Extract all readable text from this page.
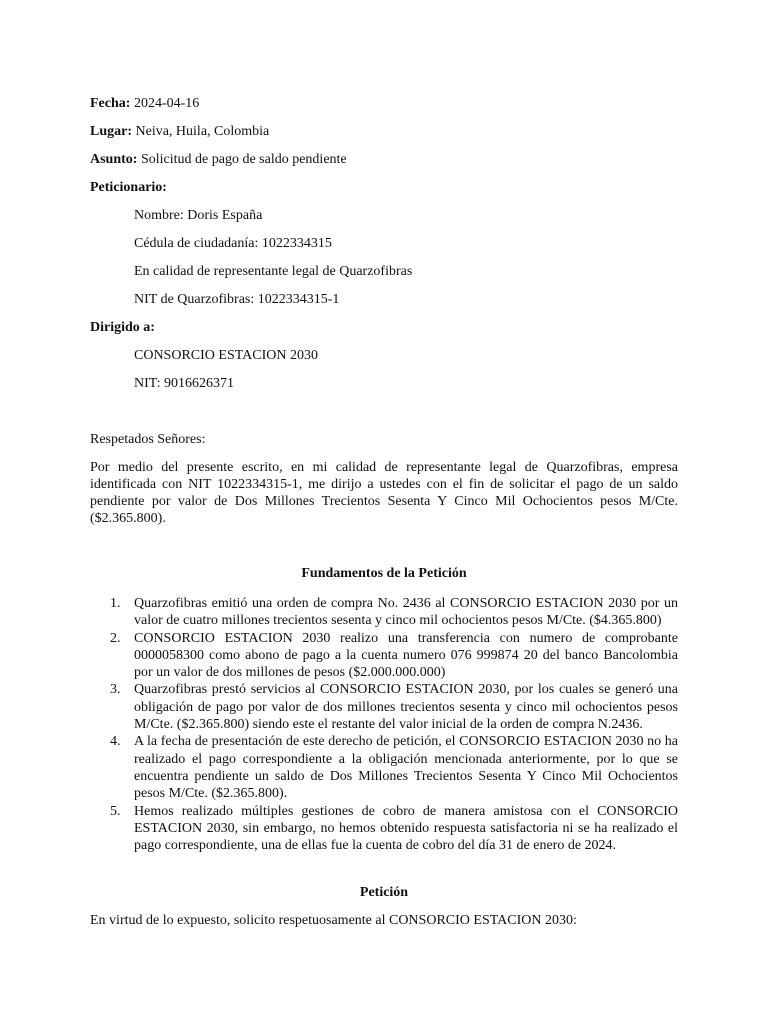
Fecha: 2024-04-16
Lugar: Neiva, Huila, Colombia
Asunto: Solicitud de pago de saldo pendiente
Peticionario:
Nombre: Doris España
Cédula de ciudadanía: 1022334315
En calidad de representante legal de Quarzofibras
NIT de Quarzofibras: 1022334315-1
Dirigido a:
CONSORCIO ESTACION 2030
NIT: 9016626371
Respetados Señores:

Por medio del presente escrito, en mi calidad de representante legal de Quarzofibras, empresa identificada con NIT 1022334315-1, me dirijo a ustedes con el fin de solicitar el pago de un saldo pendiente por valor de Dos Millones Trecientos Sesenta Y Cinco Mil Ochocientos pesos M/Cte. ($2.365.800).

Fundamentos de la Petición
1. Quarzofibras emitió una orden de compra No. 2436 al CONSORCIO ESTACION 2030 por un valor de cuatro millones trecientos sesenta y cinco mil ochocientos pesos M/Cte. ($4.365.800)
2. CONSORCIO ESTACION 2030 realizo una transferencia con numero de comprobante 0000058300 como abono de pago a la cuenta numero 076 999874 20 del banco Bancolombia por un valor de dos millones de pesos ($2.000.000.000)
3. Quarzofibras prestó servicios al CONSORCIO ESTACION 2030, por los cuales se generó una obligación de pago por valor de dos millones trecientos sesenta y cinco mil ochocientos pesos M/Cte. ($2.365.800) siendo este el restante del valor inicial de la orden de compra N.2436.
4. A la fecha de presentación de este derecho de petición, el CONSORCIO ESTACION 2030 no ha realizado el pago correspondiente a la obligación mencionada anteriormente, por lo que se encuentra pendiente un saldo de Dos Millones Trecientos Sesenta Y Cinco Mil Ochocientos pesos M/Cte. ($2.365.800).
5. Hemos realizado múltiples gestiones de cobro de manera amistosa con el CONSORCIO ESTACION 2030, sin embargo, no hemos obtenido respuesta satisfactoria ni se ha realizado el pago correspondiente, una de ellas fue la cuenta de cobro del día 31 de enero de 2024.
Petición

En virtud de lo expuesto, solicito respetuosamente al CONSORCIO ESTACION 2030:
